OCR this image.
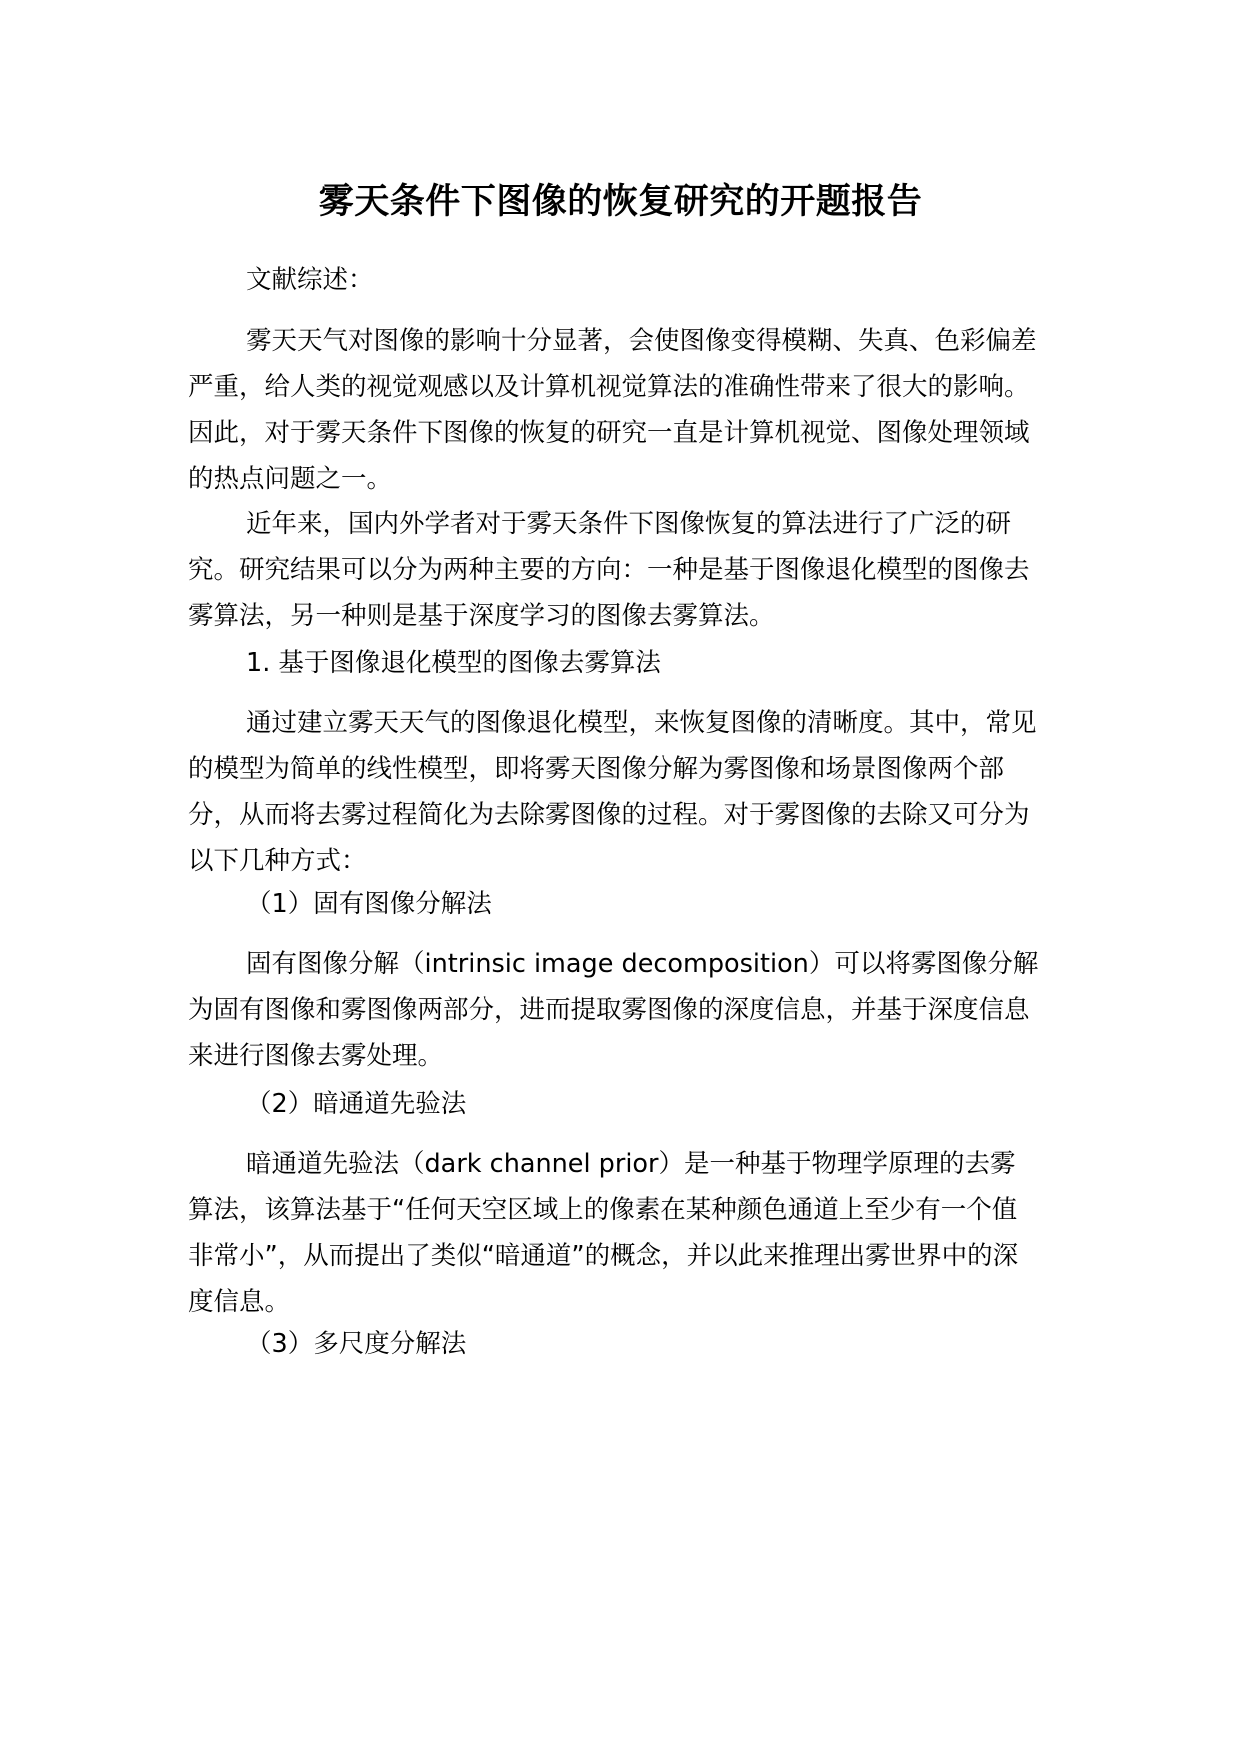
雾天条件下图像的恢复研究的开题报告

文献综述：

雾天天气对图像的影响十分显著，会使图像变得模糊、失真、色彩偏差严重，给人类的视觉观感以及计算机视觉算法的准确性带来了很大的影响。因此，对于雾天条件下图像的恢复的研究一直是计算机视觉、图像处理领域的热点问题之一。

近年来，国内外学者对于雾天条件下图像恢复的算法进行了广泛的研究。研究结果可以分为两种主要的方向：一种是基于图像退化模型的图像去雾算法，另一种则是基于深度学习的图像去雾算法。

1. 基于图像退化模型的图像去雾算法

通过建立雾天天气的图像退化模型，来恢复图像的清晰度。其中，常见的模型为简单的线性模型，即将雾天图像分解为雾图像和场景图像两个部分，从而将去雾过程简化为去除雾图像的过程。对于雾图像的去除又可分为以下几种方式：

（1）固有图像分解法

固有图像分解（intrinsic image decomposition）可以将雾图像分解为固有图像和雾图像两部分，进而提取雾图像的深度信息，并基于深度信息来进行图像去雾处理。

（2）暗通道先验法

暗通道先验法（dark channel prior）是一种基于物理学原理的去雾算法，该算法基于“任何天空区域上的像素在某种颜色通道上至少有一个值非常小”，从而提出了类似“暗通道”的概念，并以此来推理出雾世界中的深度信息。

（3）多尺度分解法
